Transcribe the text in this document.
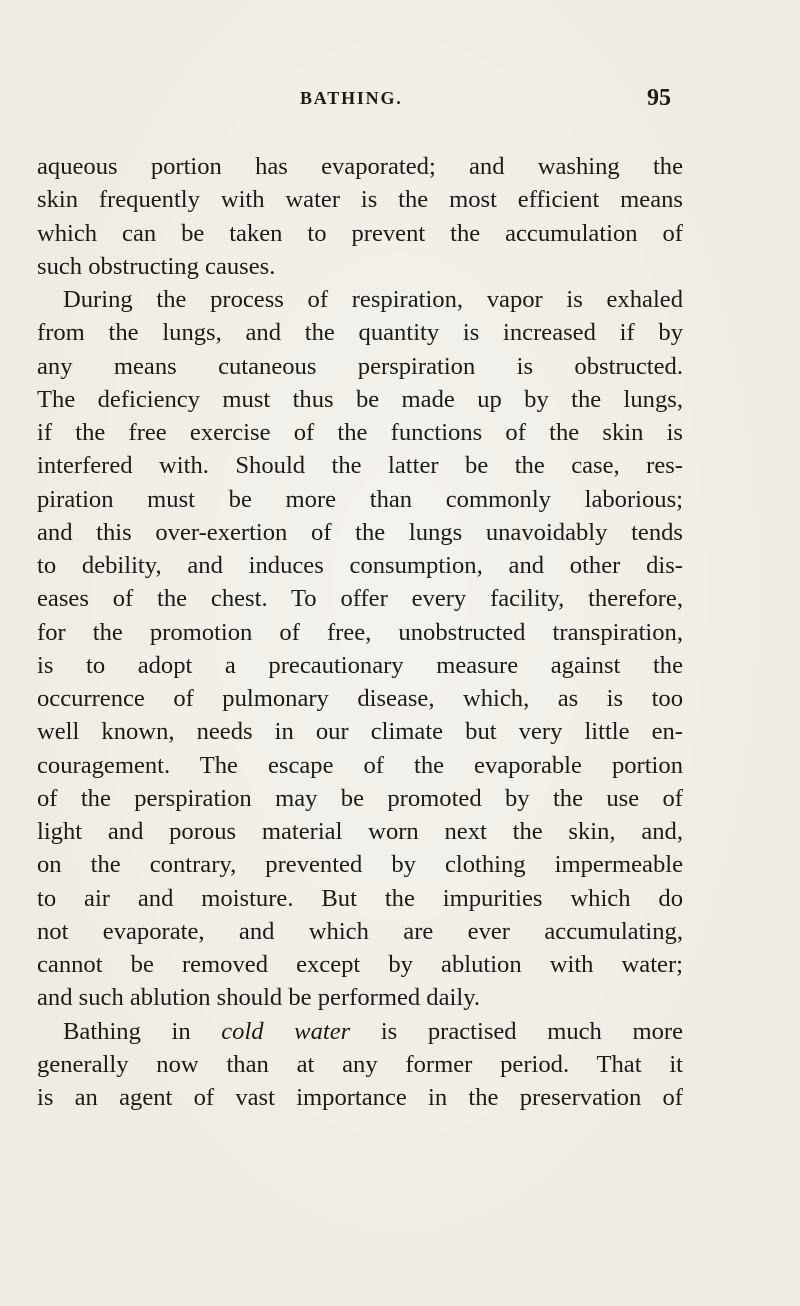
BATHING.	95
aqueous portion has evaporated; and washing the
skin frequently with water is the most efficient means
which can be taken to prevent the accumulation of
such obstructing causes.
During the process of respiration, vapor is exhaled
from the lungs, and the quantity is increased if by
any means cutaneous perspiration is obstructed.
The deficiency must thus be made up by the lungs,
if the free exercise of the functions of the skin is
interfered with. Should the latter be the case, res-
piration must be more than commonly laborious;
and this over-exertion of the lungs unavoidably tends
to debility, and induces consumption, and other dis-
eases of the chest. To offer every facility, therefore,
for the promotion of free, unobstructed transpiration,
is to adopt a precautionary measure against the
occurrence of pulmonary disease, which, as is too
well known, needs in our climate but very little en-
couragement. The escape of the evaporable portion
of the perspiration may be promoted by the use of
light and porous material worn next the skin, and,
on the contrary, prevented by clothing impermeable
to air and moisture. But the impurities which do
not evaporate, and which are ever accumulating,
cannot be removed except by ablution with water;
and such ablution should be performed daily.
Bathing in cold water is practised much more
generally now than at any former period. That it
is an agent of vast importance in the preservation of
